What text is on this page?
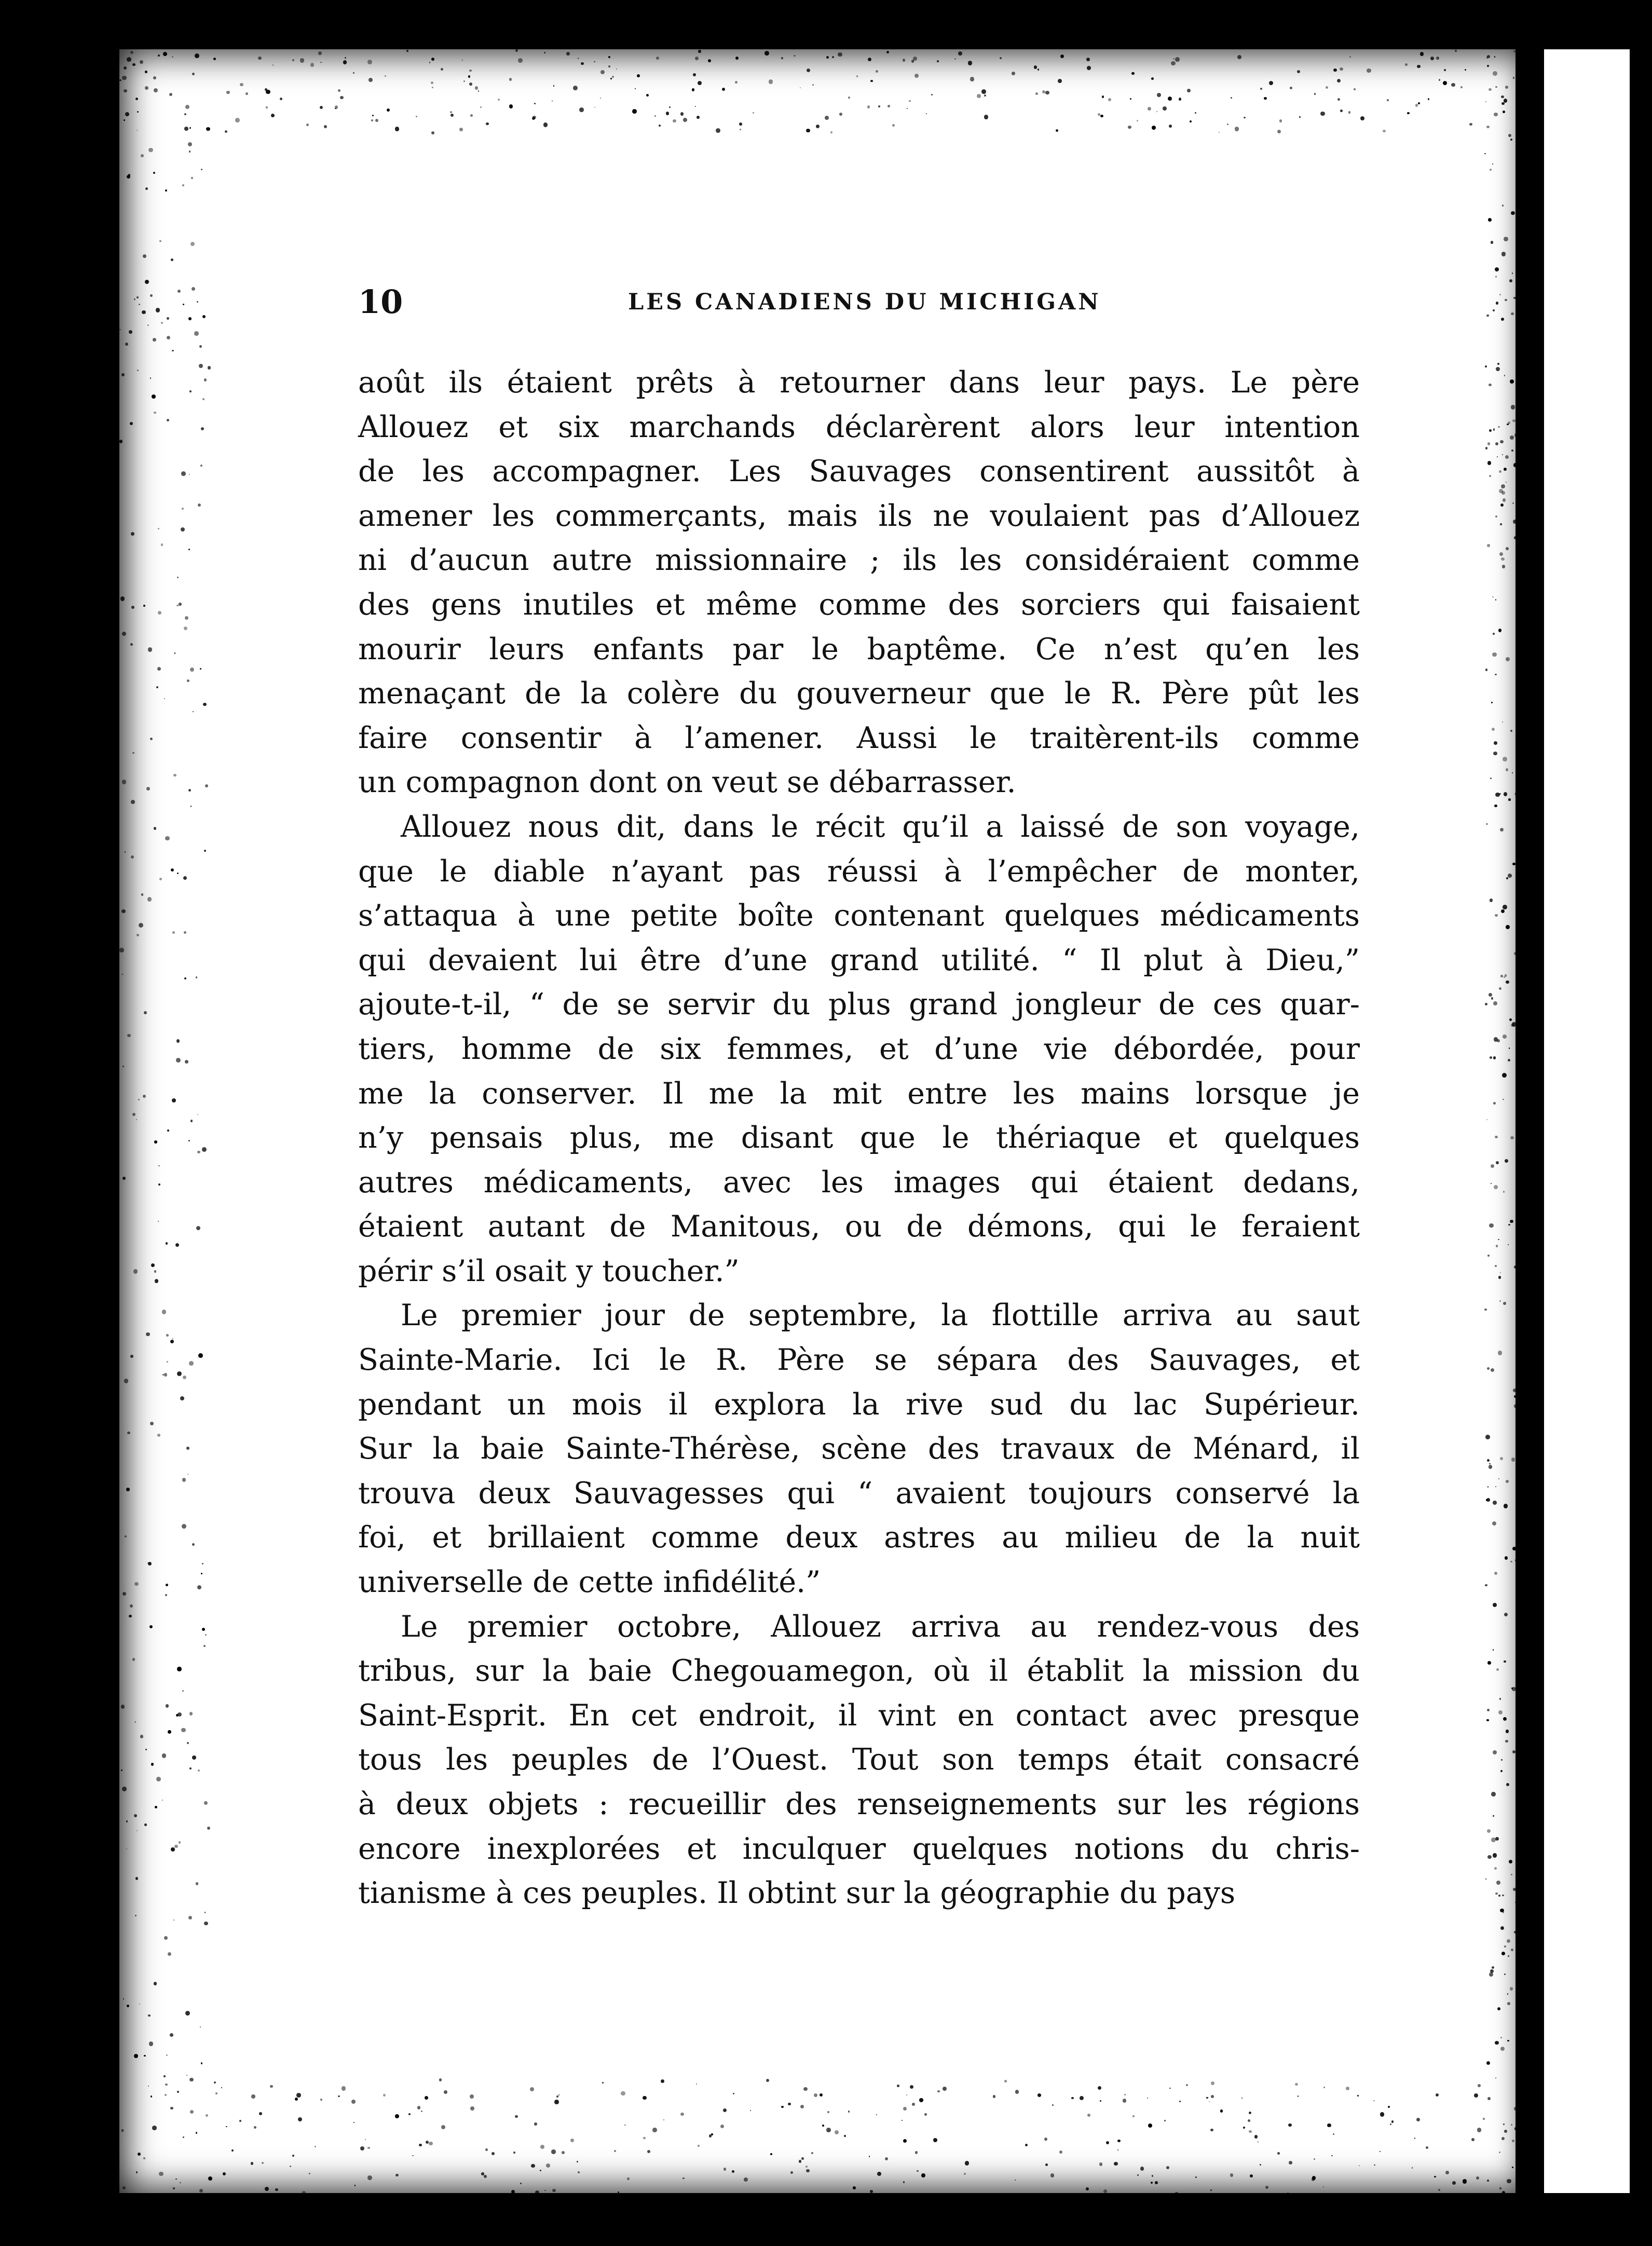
10	LES CANADIENS DU MICHIGAN
août ils étaient prêts à retourner dans leur pays. Le père
Allouez et six marchands déclarèrent alors leur intention
de les accompagner. Les Sauvages consentirent aussitôt à
amener les commerçants, mais ils ne voulaient pas d’Allouez
ni d’aucun autre missionnaire ; ils les considéraient comme
des gens inutiles et même comme des sorciers qui faisaient
mourir leurs enfants par le baptême. Ce n’est qu’en les
menaçant de la colère du gouverneur que le R. Père pût les
faire consentir à l’amener. Aussi le traitèrent-ils comme
un compagnon dont on veut se débarrasser.
Allouez nous dit, dans le récit qu’il a laissé de son voyage,
que le diable n’ayant pas réussi à l’empêcher de monter,
s’attaqua à une petite boîte contenant quelques médicaments
qui devaient lui être d’une grand utilité. “ Il plut à Dieu,”
ajoute-t-il, “ de se servir du plus grand jongleur de ces quar-
tiers, homme de six femmes, et d’une vie débordée, pour
me la conserver. Il me la mit entre les mains lorsque je
n’y pensais plus, me disant que le thériaque et quelques
autres médicaments, avec les images qui étaient dedans,
étaient autant de Manitous, ou de démons, qui le feraient
périr s’il osait y toucher.”
Le premier jour de septembre, la flottille arriva au saut
Sainte-Marie. Ici le R. Père se sépara des Sauvages, et
pendant un mois il explora la rive sud du lac Supérieur.
Sur la baie Sainte-Thérèse, scène des travaux de Ménard, il
trouva deux Sauvagesses qui “ avaient toujours conservé la
foi, et brillaient comme deux astres au milieu de la nuit
universelle de cette infidélité.”
Le premier octobre, Allouez arriva au rendez-vous des
tribus, sur la baie Chegouamegon, où il établit la mission du
Saint-Esprit. En cet endroit, il vint en contact avec presque
tous les peuples de l’Ouest. Tout son temps était consacré
à deux objets : recueillir des renseignements sur les régions
encore inexplorées et inculquer quelques notions du chris-
tianisme à ces peuples. Il obtint sur la géographie du pays
